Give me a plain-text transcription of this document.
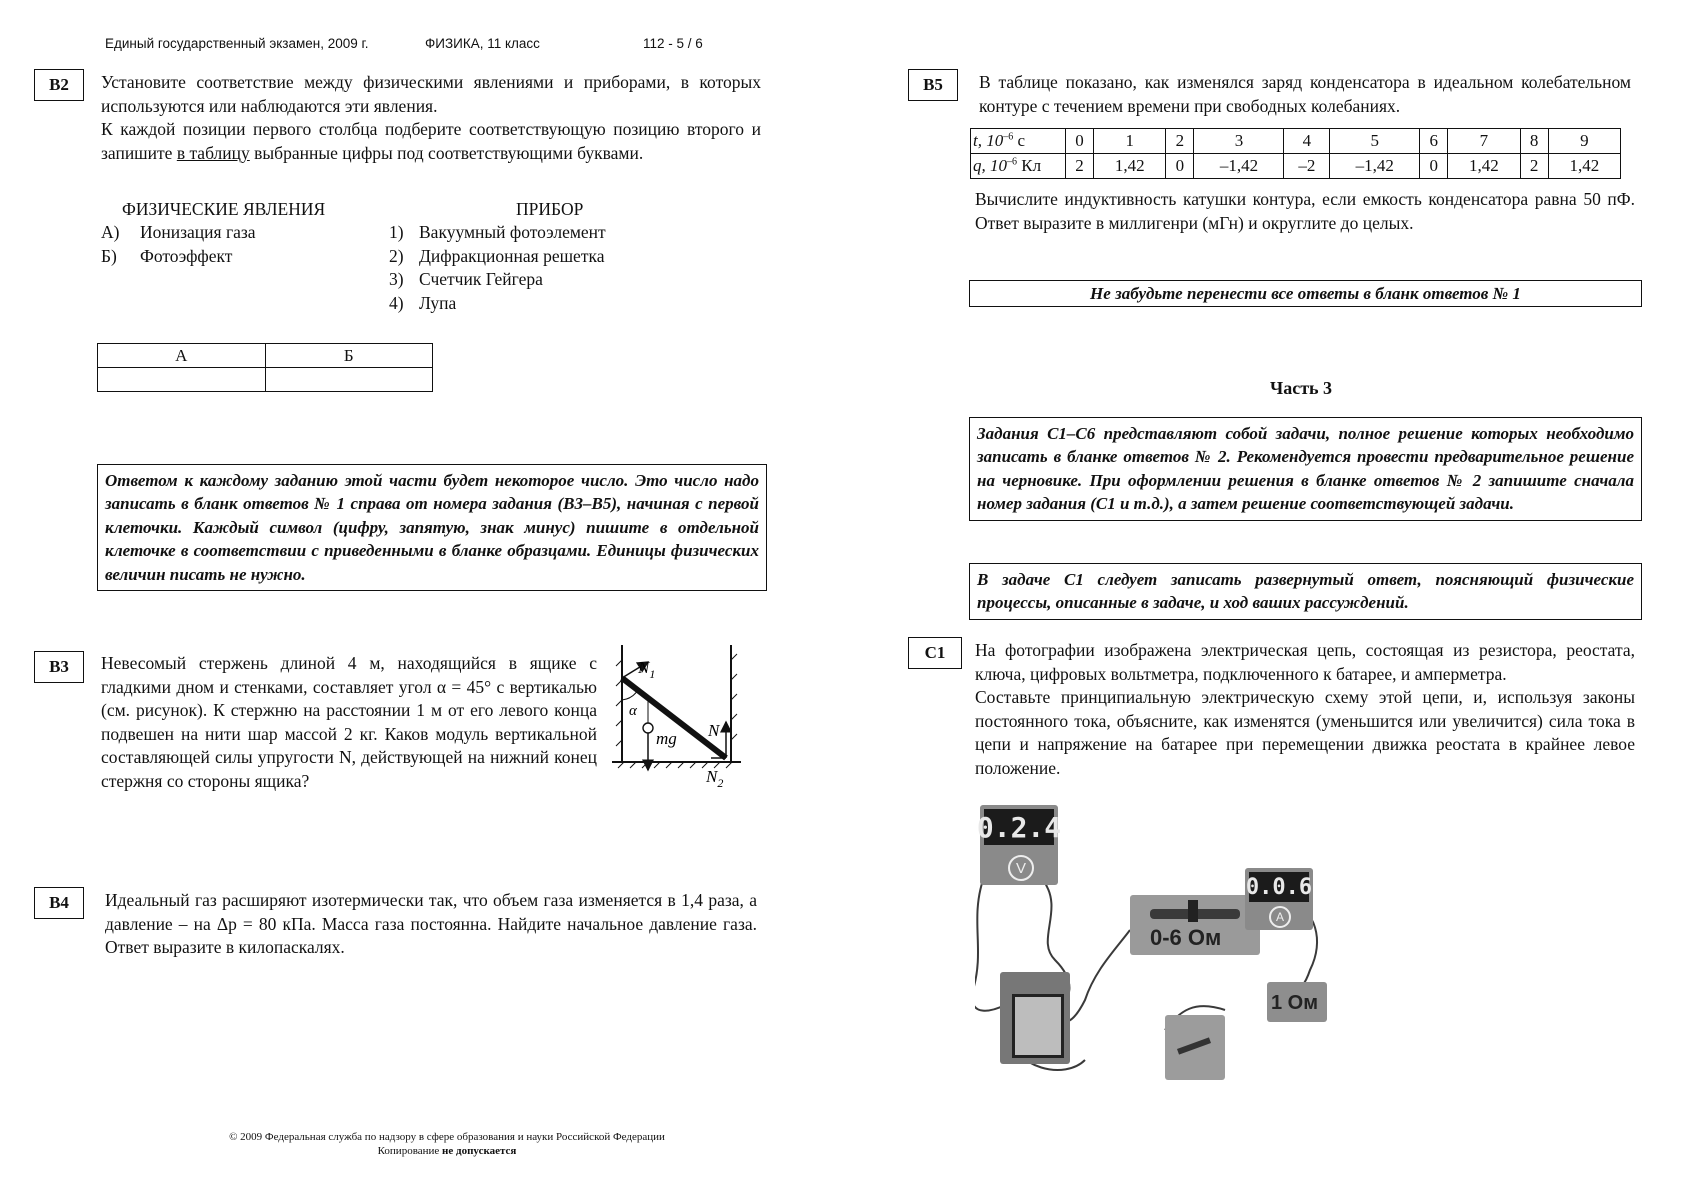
Единый государственный экзамен, 2009 г.	ФИЗИКА, 11 класс	112 - 5 / 6
B2	Установите соответствие между физическими явлениями и приборами, в которых используются или наблюдаются эти явления.
К каждой позиции первого столбца подберите соответствующую позицию второго и запишите в таблицу выбранные цифры под соответствующими буквами.
ФИЗИЧЕСКИЕ ЯВЛЕНИЯ	ПРИБОР
А) Ионизация газа
Б) Фотоэффект
1) Вакуумный фотоэлемент
2) Дифракционная решетка
3) Счетчик Гейгера
4) Лупа
А	Б

Ответом к каждому заданию этой части будет некоторое число. Это число надо записать в бланк ответов № 1 справа от номера задания (В3–В5), начиная с первой клеточки. Каждый символ (цифру, запятую, знак минус) пишите в отдельной клеточке в соответствии с приведенными в бланке образцами. Единицы физических величин писать не нужно.
B3	Невесомый стержень длиной 4 м, находящийся в ящике с гладкими дном и стенками, составляет угол α = 45° с вертикалью (см. рисунок). К стержню на расстоянии 1 м от его левого конца подвешен на нити шар массой 2 кг. Каков модуль вертикальной составляющей силы упругости N, действующей на нижний конец стержня со стороны ящика?
$N_1$
α
mg N
$N_2$
B4	Идеальный газ расширяют изотермически так, что объем газа изменяется в 1,4 раза, а давление – на Δp = 80 кПа. Масса газа постоянна. Найдите начальное давление газа. Ответ выразите в килопаскалях.
© 2009 Федеральная служба по надзору в сфере образования и науки Российской Федерации
Копирование не допускается
B5	В таблице показано, как изменялся заряд конденсатора в идеальном колебательном контуре с течением времени при свободных колебаниях.
t, $10^{-6}$ с	0	1	2	3	4	5	6	7	8	9
q, $10^{-6}$ Кл	2	1,42	0	–1,42	–2	–1,42	0	1,42	2	1,42
Вычислите индуктивность катушки контура, если емкость конденсатора равна 50 пФ. Ответ выразите в миллигенри (мГн) и округлите до целых.
Не забудьте перенести все ответы в бланк ответов № 1
Часть 3
Задания С1–С6 представляют собой задачи, полное решение которых необходимо записать в бланке ответов № 2. Рекомендуется провести предварительное решение на черновике. При оформлении решения в бланке ответов № 2 запишите сначала номер задания (С1 и т.д.), а затем решение соответствующей задачи.
В задаче С1 следует записать развернутый ответ, поясняющий физические процессы, описанные в задаче, и ход ваших рассуждений.
C1	На фотографии изображена электрическая цепь, состоящая из резистора, реостата, ключа, цифровых вольтметра, подключенного к батарее, и амперметра.
Составьте принципиальную электрическую схему этой цепи, и, используя законы постоянного тока, объясните, как изменятся (уменьшится или увеличится) сила тока в цепи и напряжение на батарее при перемещении движка реостата в крайнее левое положение.
0.2.4
V
0-6 Ом
0.0.6
A
1 Ом
